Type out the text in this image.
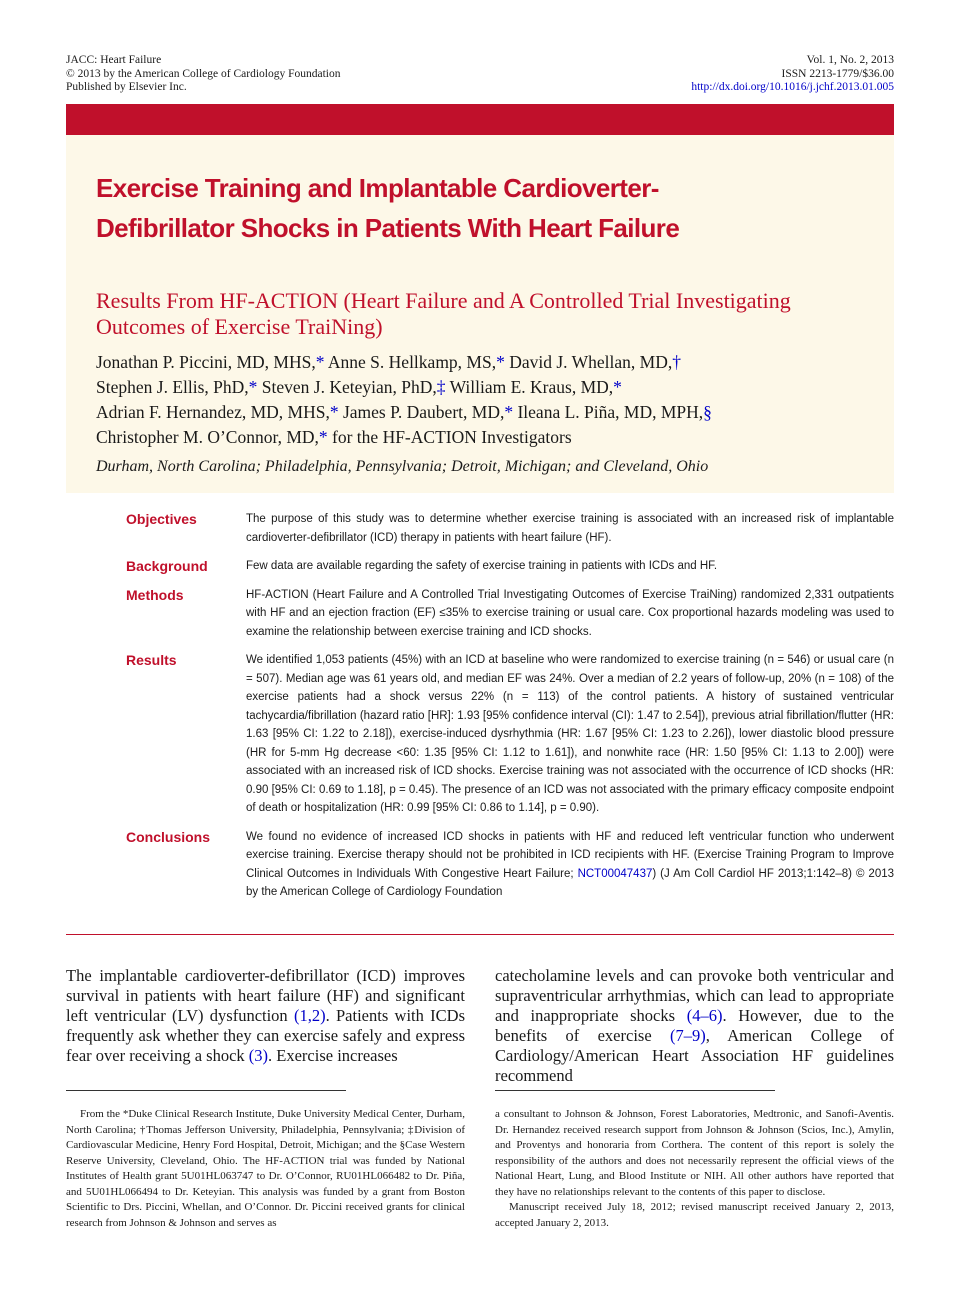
JACC: Heart Failure
© 2013 by the American College of Cardiology Foundation
Published by Elsevier Inc.
Vol. 1, No. 2, 2013
ISSN 2213-1779/$36.00
http://dx.doi.org/10.1016/j.jchf.2013.01.005
Exercise Training and Implantable Cardioverter-Defibrillator Shocks in Patients With Heart Failure
Results From HF-ACTION (Heart Failure and A Controlled Trial Investigating Outcomes of Exercise TraiNing)
Jonathan P. Piccini, MD, MHS,* Anne S. Hellkamp, MS,* David J. Whellan, MD,†
Stephen J. Ellis, PhD,* Steven J. Keteyian, PhD,‡ William E. Kraus, MD,*
Adrian F. Hernandez, MD, MHS,* James P. Daubert, MD,* Ileana L. Piña, MD, MPH,§
Christopher M. O’Connor, MD,* for the HF-ACTION Investigators
Durham, North Carolina; Philadelphia, Pennsylvania; Detroit, Michigan; and Cleveland, Ohio
Objectives	The purpose of this study was to determine whether exercise training is associated with an increased risk of implantable cardioverter-defibrillator (ICD) therapy in patients with heart failure (HF).
Background	Few data are available regarding the safety of exercise training in patients with ICDs and HF.
Methods	HF-ACTION (Heart Failure and A Controlled Trial Investigating Outcomes of Exercise TraiNing) randomized 2,331 outpatients with HF and an ejection fraction (EF) ≤35% to exercise training or usual care. Cox proportional hazards modeling was used to examine the relationship between exercise training and ICD shocks.
Results	We identified 1,053 patients (45%) with an ICD at baseline who were randomized to exercise training (n = 546) or usual care (n = 507). Median age was 61 years old, and median EF was 24%. Over a median of 2.2 years of follow-up, 20% (n = 108) of the exercise patients had a shock versus 22% (n = 113) of the control patients. A history of sustained ventricular tachycardia/fibrillation (hazard ratio [HR]: 1.93 [95% confidence interval (CI): 1.47 to 2.54]), previous atrial fibrillation/flutter (HR: 1.63 [95% CI: 1.22 to 2.18]), exercise-induced dysrhythmia (HR: 1.67 [95% CI: 1.23 to 2.26]), lower diastolic blood pressure (HR for 5-mm Hg decrease <60: 1.35 [95% CI: 1.12 to 1.61]), and nonwhite race (HR: 1.50 [95% CI: 1.13 to 2.00]) were associated with an increased risk of ICD shocks. Exercise training was not associated with the occurrence of ICD shocks (HR: 0.90 [95% CI: 0.69 to 1.18], p = 0.45). The presence of an ICD was not associated with the primary efficacy composite endpoint of death or hospitalization (HR: 0.99 [95% CI: 0.86 to 1.14], p = 0.90).
Conclusions	We found no evidence of increased ICD shocks in patients with HF and reduced left ventricular function who underwent exercise training. Exercise therapy should not be prohibited in ICD recipients with HF. (Exercise Training Program to Improve Clinical Outcomes in Individuals With Congestive Heart Failure; NCT00047437) (J Am Coll Cardiol HF 2013;1:142–8) © 2013 by the American College of Cardiology Foundation
The implantable cardioverter-defibrillator (ICD) improves survival in patients with heart failure (HF) and significant left ventricular (LV) dysfunction (1,2). Patients with ICDs frequently ask whether they can exercise safely and express fear over receiving a shock (3). Exercise increases
catecholamine levels and can provoke both ventricular and supraventricular arrhythmias, which can lead to appropriate and inappropriate shocks (4–6). However, due to the benefits of exercise (7–9), American College of Cardiology/American Heart Association HF guidelines recommend

From the *Duke Clinical Research Institute, Duke University Medical Center, Durham, North Carolina; †Thomas Jefferson University, Philadelphia, Pennsylvania; ‡Division of Cardiovascular Medicine, Henry Ford Hospital, Detroit, Michigan; and the §Case Western Reserve University, Cleveland, Ohio. The HF-ACTION trial was funded by National Institutes of Health grant 5U01HL063747 to Dr. O’Connor, RU01HL066482 to Dr. Piña, and 5U01HL066494 to Dr. Keteyian. This analysis was funded by a grant from Boston Scientific to Drs. Piccini, Whellan, and O’Connor. Dr. Piccini received grants for clinical research from Johnson & Johnson and serves as

a consultant to Johnson & Johnson, Forest Laboratories, Medtronic, and Sanofi-Aventis. Dr. Hernandez received research support from Johnson & Johnson (Scios, Inc.), Amylin, and Proventys and honoraria from Corthera. The content of this report is solely the responsibility of the authors and does not necessarily represent the official views of the National Heart, Lung, and Blood Institute or NIH. All other authors have reported that they have no relationships relevant to the contents of this paper to disclose.

Manuscript received July 18, 2012; revised manuscript received January 2, 2013, accepted January 2, 2013.
